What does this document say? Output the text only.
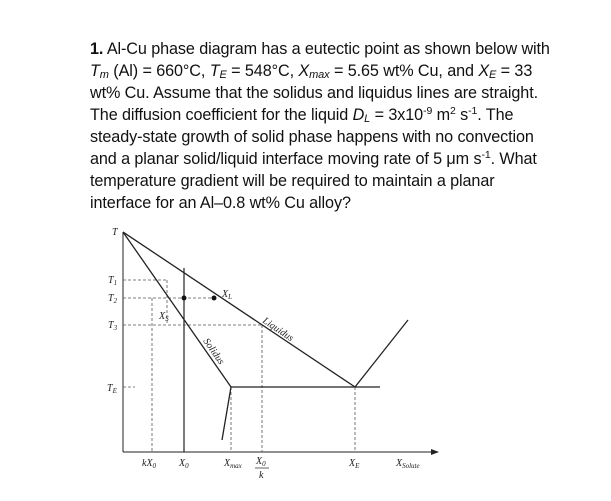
1. Al-Cu phase diagram has a eutectic point as shown below with

$T_m$ (Al) = 660°C, $T_E = 548^\circ C$, $X_{max} = 5.65$ wt% Cu, and $X_E = 33$

wt% Cu. Assume that the solidus and liquidus lines are straight.

The diffusion coefficient for the liquid $D_L = 3x10^{-9}$ $m^2$ $s^{-1}$. The

steady-state growth of solid phase happens with no convection

and a planar solid/liquid interface moving rate of 5 μm $s^{-1}$. What

temperature gradient will be required to maintain a planar

interface for an Al–0.8 wt% Cu alloy?

T
$T_1$
$T_2$
$T_3$
$T_E$
$X_L$
$X_S$	Liquidus
Solidus
$kX_0$ $X_0$	$X_{max}$ $X_0$
k
$X_E$	$X_{Solute}$
